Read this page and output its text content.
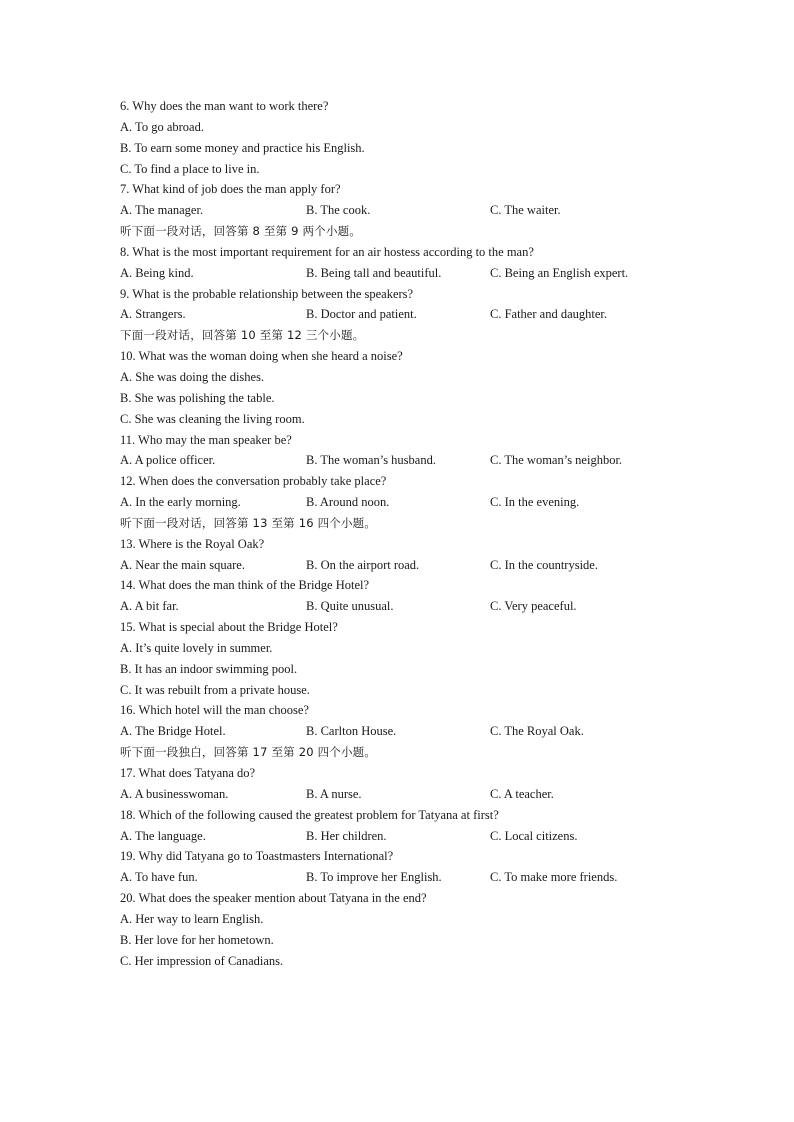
6. Why does the man want to work there?
A. To go abroad.
B. To earn some money and practice his English.
C. To find a place to live in.
7. What kind of job does the man apply for?
A. The manager.	B. The cook.	C. The waiter.
听下面一段对话，回答第 8 至第 9 两个小题。
8. What is the most important requirement for an air hostess according to the man?
A. Being kind.	B. Being tall and beautiful.	C. Being an English expert.
9. What is the probable relationship between the speakers?
A. Strangers.	B. Doctor and patient.	C. Father and daughter.
下面一段对话，回答第 10 至第 12 三个小题。
10. What was the woman doing when she heard a noise?
A. She was doing the dishes.
B. She was polishing the table.
C. She was cleaning the living room.
11. Who may the man speaker be?
A. A police officer.	B. The woman’s husband.	C. The woman’s neighbor.
12. When does the conversation probably take place?
A. In the early morning.	B. Around noon.	C. In the evening.
听下面一段对话，回答第 13 至第 16 四个小题。
13. Where is the Royal Oak?
A. Near the main square.	B. On the airport road.	C. In the countryside.
14. What does the man think of the Bridge Hotel?
A. A bit far.	B. Quite unusual.	C. Very peaceful.
15. What is special about the Bridge Hotel?
A. It’s quite lovely in summer.
B. It has an indoor swimming pool.
C. It was rebuilt from a private house.
16. Which hotel will the man choose?
A. The Bridge Hotel.	B. Carlton House.	C. The Royal Oak.
听下面一段独白，回答第 17 至第 20 四个小题。
17. What does Tatyana do?
A. A businesswoman.	B. A nurse.	C. A teacher.
18. Which of the following caused the greatest problem for Tatyana at first?
A. The language.	B. Her children.	C. Local citizens.
19. Why did Tatyana go to Toastmasters International?
A. To have fun.	B. To improve her English.	C. To make more friends.
20. What does the speaker mention about Tatyana in the end?
A. Her way to learn English.
B. Her love for her hometown.
C. Her impression of Canadians.
